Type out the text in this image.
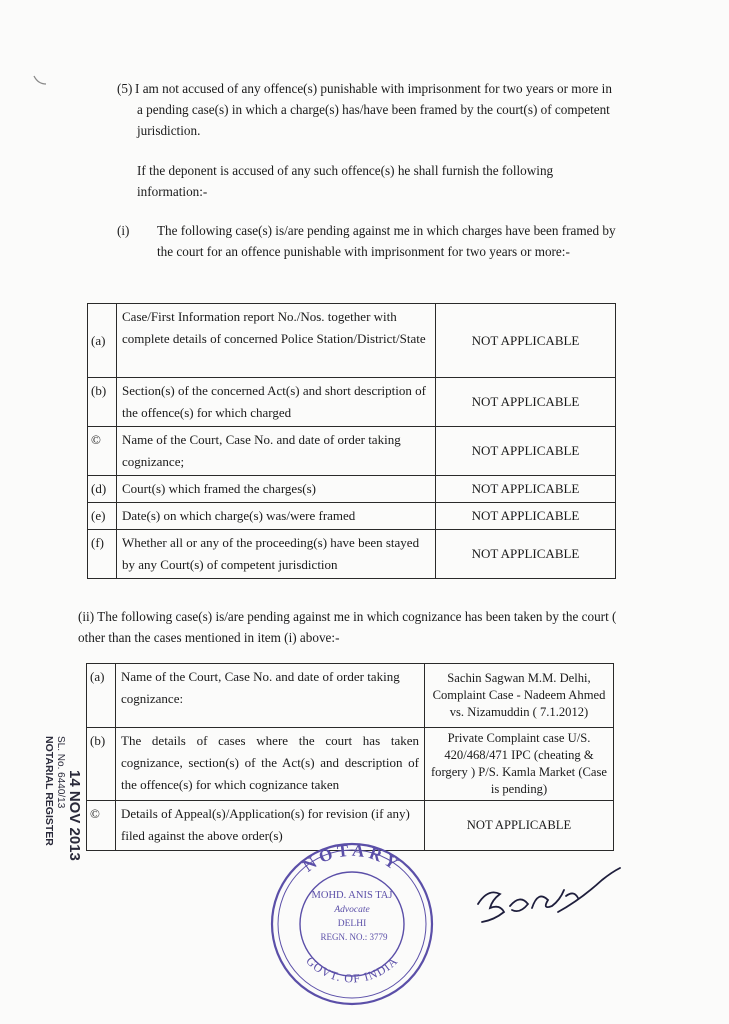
(5) I am not accused of any offence(s) punishable with imprisonment for two years or more in a pending case(s) in which a charge(s) has/have been framed by the court(s) of competent jurisdiction.
If the deponent is accused of any such offence(s) he shall furnish the following information:-
(i) The following case(s) is/are pending against me in which charges have been framed by the court for an offence punishable with imprisonment for two years or more:-
(a)	Case/First Information report No./Nos. together with complete details of concerned Police Station/District/State	NOT APPLICABLE
(b)	Section(s) of the concerned Act(s) and short description of the offence(s) for which charged	NOT APPLICABLE
©	Name of the Court, Case No. and date of order taking cognizance;	NOT APPLICABLE
(d)	Court(s) which framed the charges(s)	NOT APPLICABLE
(e)	Date(s) on which charge(s) was/were framed	NOT APPLICABLE
(f)	Whether all or any of the proceeding(s) have been stayed by any Court(s) of competent jurisdiction	NOT APPLICABLE
(ii) The following case(s) is/are pending against me in which cognizance has been taken by the court ( other than the cases mentioned in item (i) above:-
(a)	Name of the Court, Case No. and date of order taking cognizance:	Sachin Sagwan M.M. Delhi, Complaint Case - Nadeem Ahmed vs. Nizamuddin ( 7.1.2012)
(b)	The details of cases where the court has taken cognizance, section(s) of the Act(s) and description of the offence(s) for which cognizance taken	Private Complaint case U/S. 420/468/471 IPC (cheating & forgery ) P/S. Kamla Market (Case is pending)
©	Details of Appeal(s)/Application(s) for revision (if any) filed against the above order(s)	NOT APPLICABLE
NOTARIAL REGISTER SL. No. 6440/13 14 NOV 2013
NOTARY
GOVT. OF INDIA
MOHD. ANIS TAJ
Advocate
DELHI
REGN. NO.: 3779
